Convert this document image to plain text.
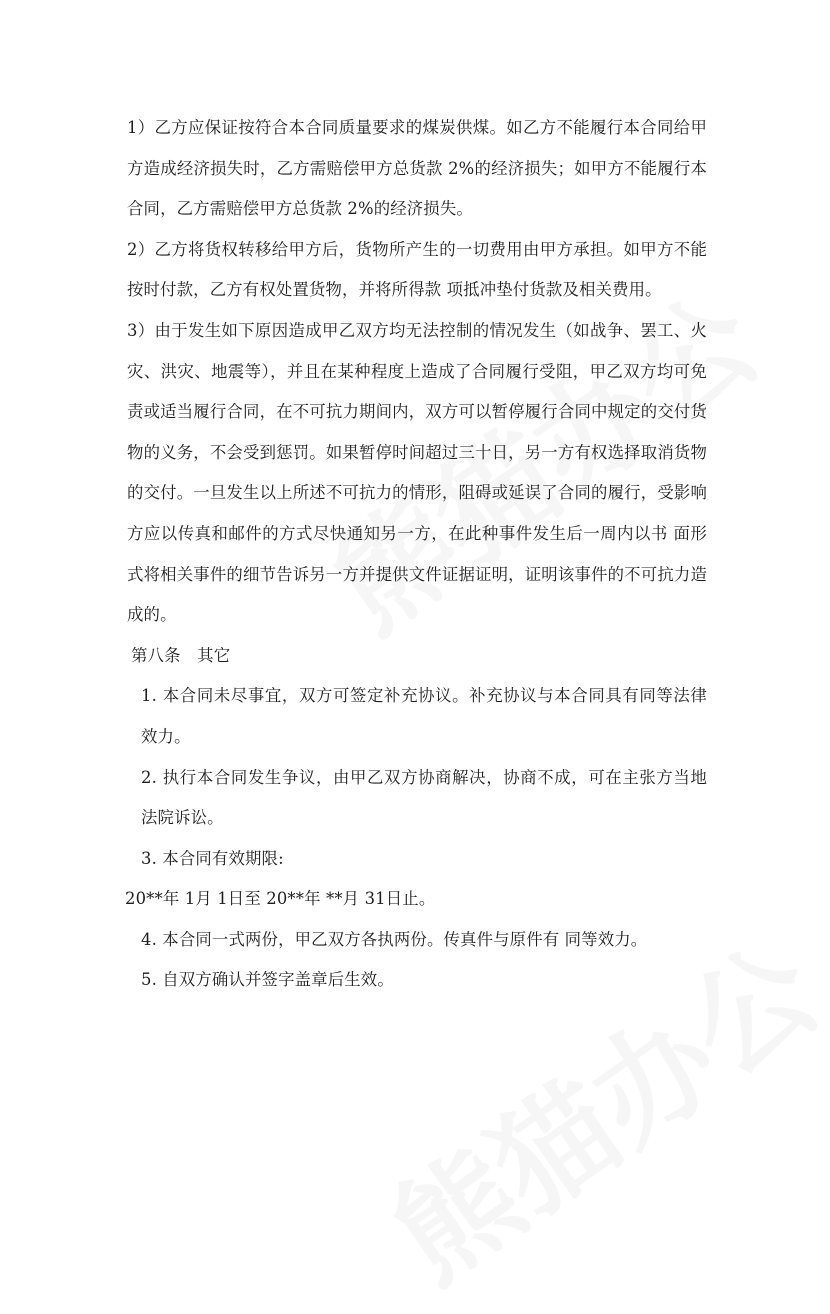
1）乙方应保证按符合本合同质量要求的煤炭供煤。如乙方不能履行本合同给甲方造成经济损失时，乙方需赔偿甲方总货款 2%的经济损失；如甲方不能履行本合同，乙方需赔偿甲方总货款 2%的经济损失。

2）乙方将货权转移给甲方后，货物所产生的一切费用由甲方承担。如甲方不能按时付款，乙方有权处置货物，并将所得款 项抵冲垫付货款及相关费用。

3）由于发生如下原因造成甲乙双方均无法控制的情况发生（如战争、罢工、火灾、洪灾、地震等），并且在某种程度上造成了合同履行受阻，甲乙双方均可免责或适当履行合同，在不可抗力期间内，双方可以暂停履行合同中规定的交付货物的义务，不会受到惩罚。如果暂停时间超过三十日，另一方有权选择取消货物的交付。一旦发生以上所述不可抗力的情形，阻碍或延误了合同的履行，受影响方应以传真和邮件的方式尽快通知另一方，在此种事件发生后一周内以书 面形式将相关事件的细节告诉另一方并提供文件证据证明，证明该事件的不可抗力造成的。

第八条　其它

1. 本合同未尽事宜，双方可签定补充协议。补充协议与本合同具有同等法律效力。

2. 执行本合同发生争议，由甲乙双方协商解决，协商不成，可在主张方当地法院诉讼。

3. 本合同有效期限:

20**年 1月 1日至 20**年 **月 31日止。

4. 本合同一式两份，甲乙双方各执两份。传真件与原件有 同等效力。

5. 自双方确认并签字盖章后生效。
